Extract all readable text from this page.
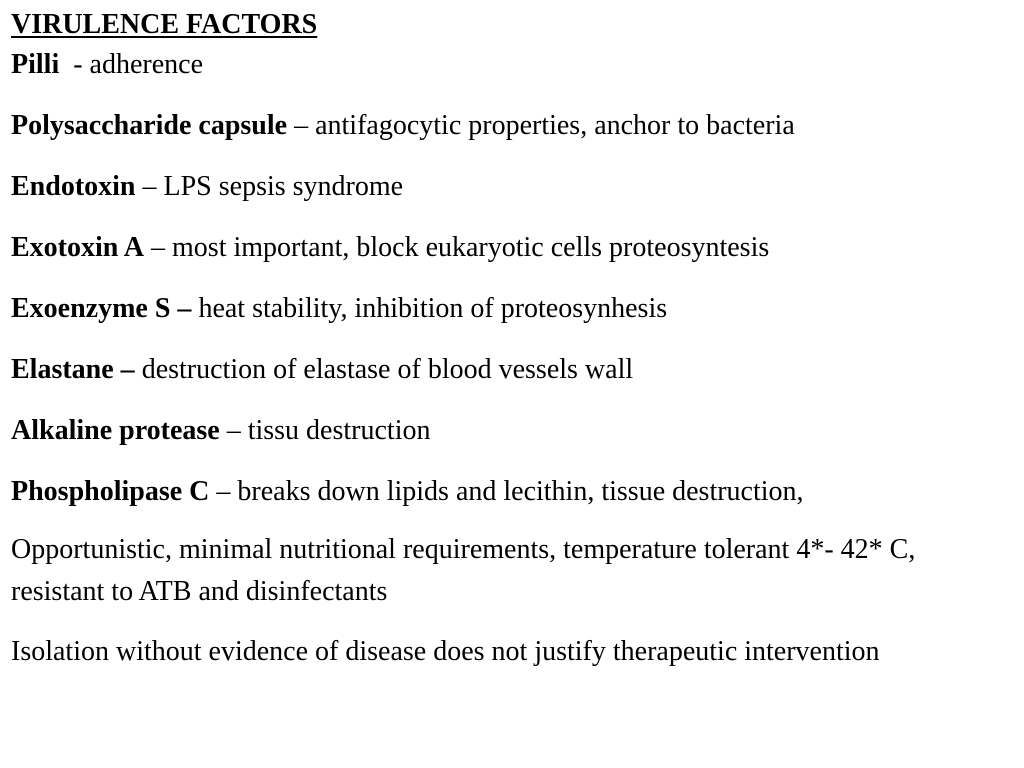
VIRULENCE FACTORS
Pilli  - adherence
Polysaccharide capsule – antifagocytic properties, anchor to bacteria
Endotoxin – LPS sepsis syndrome
Exotoxin A – most important, block eukaryotic cells proteosyntesis
Exoenzyme S – heat stability, inhibition of proteosynhesis
Elastane – destruction of elastase of blood vessels wall
Alkaline protease – tissu destruction
Phospholipase C – breaks down lipids and lecithin, tissue destruction,

Opportunistic, minimal nutritional requirements, temperature tolerant 4*- 42* C, resistant to ATB and disinfectants

Isolation without evidence of disease does not justify therapeutic intervention
